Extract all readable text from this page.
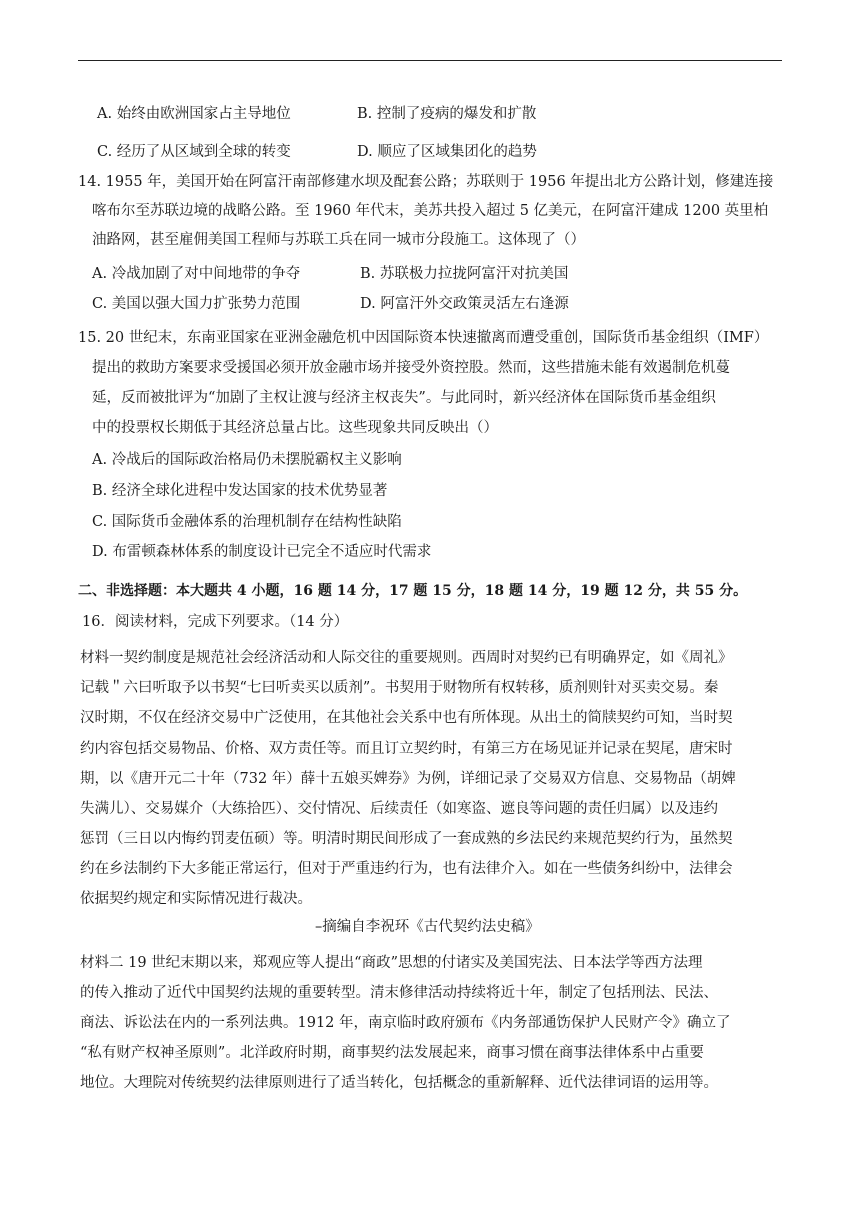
A. 始终由欧洲国家占主导地位	B. 控制了疫病的爆发和扩散
C. 经历了从区域到全球的转变	D. 顺应了区域集团化的趋势
14. 1955 年，美国开始在阿富汗南部修建水坝及配套公路；苏联则于 1956 年提出北方公路计划，修建连接
喀布尔至苏联边境的战略公路。至 1960 年代末，美苏共投入超过 5 亿美元，在阿富汗建成 1200 英里柏
油路网，甚至雇佣美国工程师与苏联工兵在同一城市分段施工。这体现了（）
A. 冷战加剧了对中间地带的争夺	B. 苏联极力拉拢阿富汗对抗美国
C. 美国以强大国力扩张势力范围	D. 阿富汗外交政策灵活左右逢源
15. 20 世纪末，东南亚国家在亚洲金融危机中因国际资本快速撤离而遭受重创，国际货币基金组织（IMF）
提出的救助方案要求受援国必须开放金融市场并接受外资控股。然而，这些措施未能有效遏制危机蔓
延，反而被批评为“加剧了主权让渡与经济主权丧失”。与此同时，新兴经济体在国际货币基金组织
中的投票权长期低于其经济总量占比。这些现象共同反映出（）
A. 冷战后的国际政治格局仍未摆脱霸权主义影响
B. 经济全球化进程中发达国家的技术优势显著
C. 国际货币金融体系的治理机制存在结构性缺陷
D. 布雷顿森林体系的制度设计已完全不适应时代需求
二、非选择题：本大题共 4 小题，16 题 14 分，17 题 15 分，18 题 14 分，19 题 12 分，共 55 分。
16．阅读材料，完成下列要求。（14 分）
材料一契约制度是规范社会经济活动和人际交往的重要规则。西周时对契约已有明确界定，如《周礼》
记载＂六曰听取予以书契“七曰听卖买以质剂”。书契用于财物所有权转移，质剂则针对买卖交易。秦
汉时期，不仅在经济交易中广泛使用，在其他社会关系中也有所体现。从出土的简牍契约可知，当时契
约内容包括交易物品、价格、双方责任等。而且订立契约时，有第三方在场见证并记录在契尾，唐宋时
期，以《唐开元二十年（732 年）薛十五娘买婢券》为例，详细记录了交易双方信息、交易物品（胡婢
失满儿）、交易媒介（大练拾匹）、交付情况、后续责任（如寒盗、遮良等问题的责任归属）以及违约
惩罚（三日以内悔约罚麦伍硕）等。明清时期民间形成了一套成熟的乡法民约来规范契约行为，虽然契
约在乡法制约下大多能正常运行，但对于严重违约行为，也有法律介入。如在一些债务纠纷中，法律会
依据契约规定和实际情况进行裁决。
–摘编自李祝环《古代契约法史稿》
材料二 19 世纪末期以来，郑观应等人提出“商政”思想的付诸实及美国宪法、日本法学等西方法理
的传入推动了近代中国契约法规的重要转型。清末修律活动持续将近十年，制定了包括刑法、民法、
商法、诉讼法在内的一系列法典。1912 年，南京临时政府颁布《内务部通饬保护人民财产令》确立了
“私有财产权神圣原则”。北洋政府时期，商事契约法发展起来，商事习惯在商事法律体系中占重要
地位。大理院对传统契约法律原则进行了适当转化，包括概念的重新解释、近代法律词语的运用等。
